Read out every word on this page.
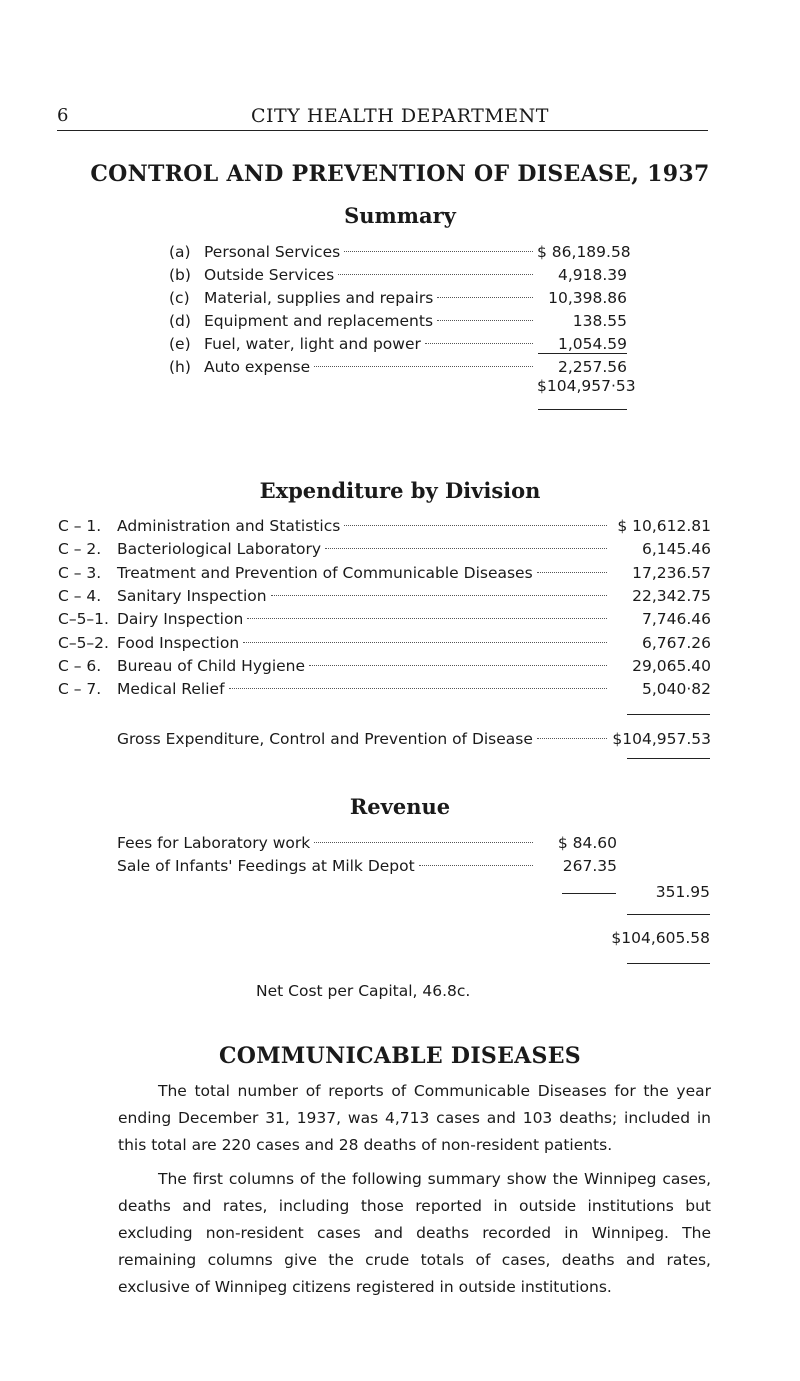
6	CITY HEALTH DEPARTMENT
CONTROL AND PREVENTION OF DISEASE, 1937
Summary
(a) Personal Services	$ 86,189.58
(b) Outside Services	4,918.39
(c) Material, supplies and repairs	10,398.86
(d) Equipment and replacements	138.55
(e) Fuel, water, light and power	1,054.59
(h) Auto expense	2,257.56
$104,957·53
Expenditure by Division
C – 1. Administration and Statistics	$ 10,612.81
C – 2. Bacteriological Laboratory	6,145.46
C – 3. Treatment and Prevention of Communicable Diseases	17,236.57
C – 4. Sanitary Inspection	22,342.75
C–5–1. Dairy Inspection	7,746.46
C–5–2. Food Inspection	6,767.26
C – 6. Bureau of Child Hygiene	29,065.40
C – 7. Medical Relief	5,040·82
Gross Expenditure, Control and Prevention of Disease	$104,957.53
Revenue
Fees for Laboratory work	$ 84.60
Sale of Infants' Feedings at Milk Depot	267.35
351.95
$104,605.58
Net Cost per Capital, 46.8c.
COMMUNICABLE DISEASES
The total number of reports of Communicable Diseases for the year ending December 31, 1937, was 4,713 cases and 103 deaths; included in this total are 220 cases and 28 deaths of non-resident patients.
The first columns of the following summary show the Winnipeg cases, deaths and rates, including those reported in outside institutions but excluding non-resident cases and deaths recorded in Winnipeg. The remaining columns give the crude totals of cases, deaths and rates, exclusive of Winnipeg citizens registered in outside institutions.
